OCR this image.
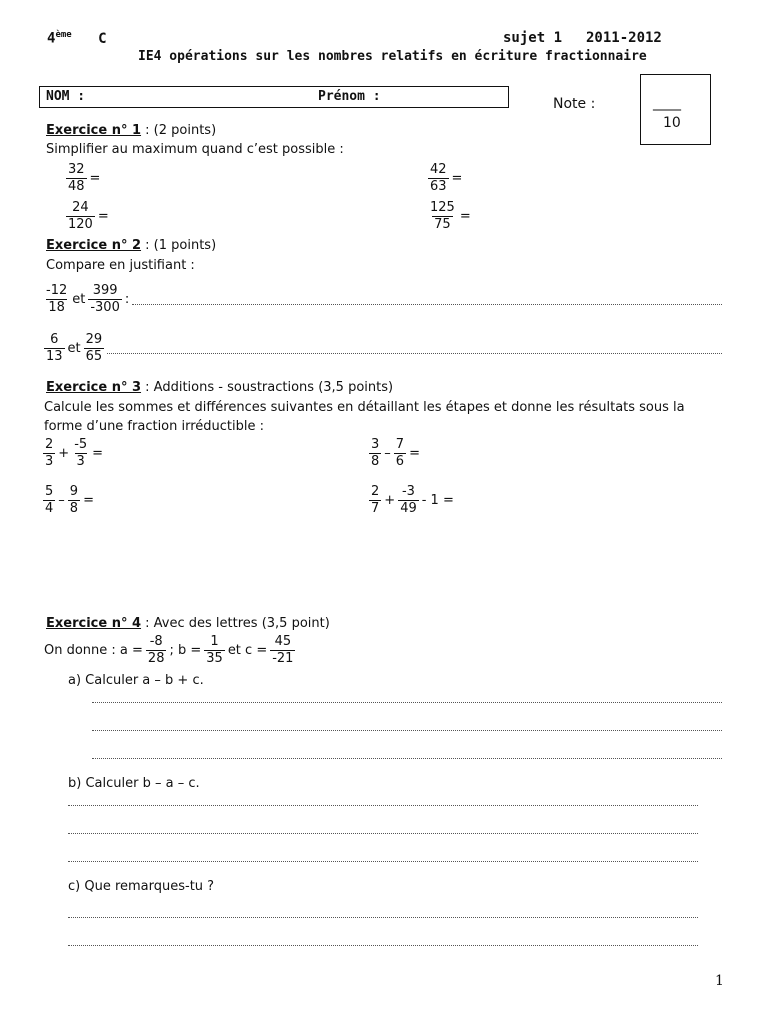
4ème C	sujet 1 2011-2012
IE4 opérations sur les nombres relatifs en écriture fractionnaire
NOM :	Prénom :	Note :	____
10
Exercice n° 1 : (2 points)
Simplifier au maximum quand c’est possible :
$\frac{32}{48}$ =	$\frac{42}{63}$ =
$\frac{24}{120}$ =	$\frac{125}{75}$ =
Exercice n° 2 : (1 points)
Compare en justifiant :
$\frac{-12}{18}$ et $\frac{399}{-300}$ :
$\frac{6}{13}$ et $\frac{29}{65}$
Exercice n° 3 : Additions - soustractions (3,5 points)
Calcule les sommes et différences suivantes en détaillant les étapes et donne les résultats sous la
forme d’une fraction irréductible :
$\frac{2}{3} + \frac{-5}{3}$ =	$\frac{3}{8} - \frac{7}{6}$ =
$\frac{5}{4} - \frac{9}{8}$ =	$\frac{2}{7} + \frac{-3}{49} - 1$ =
Exercice n° 4 : Avec des lettres (3,5 point)
On donne : $a = \frac{-8}{28}$ ; $b = \frac{1}{35}$ et $c = \frac{45}{-21}$
a) Calculer a – b + c.
b) Calculer b – a – c.
c) Que remarques-tu ?
1
